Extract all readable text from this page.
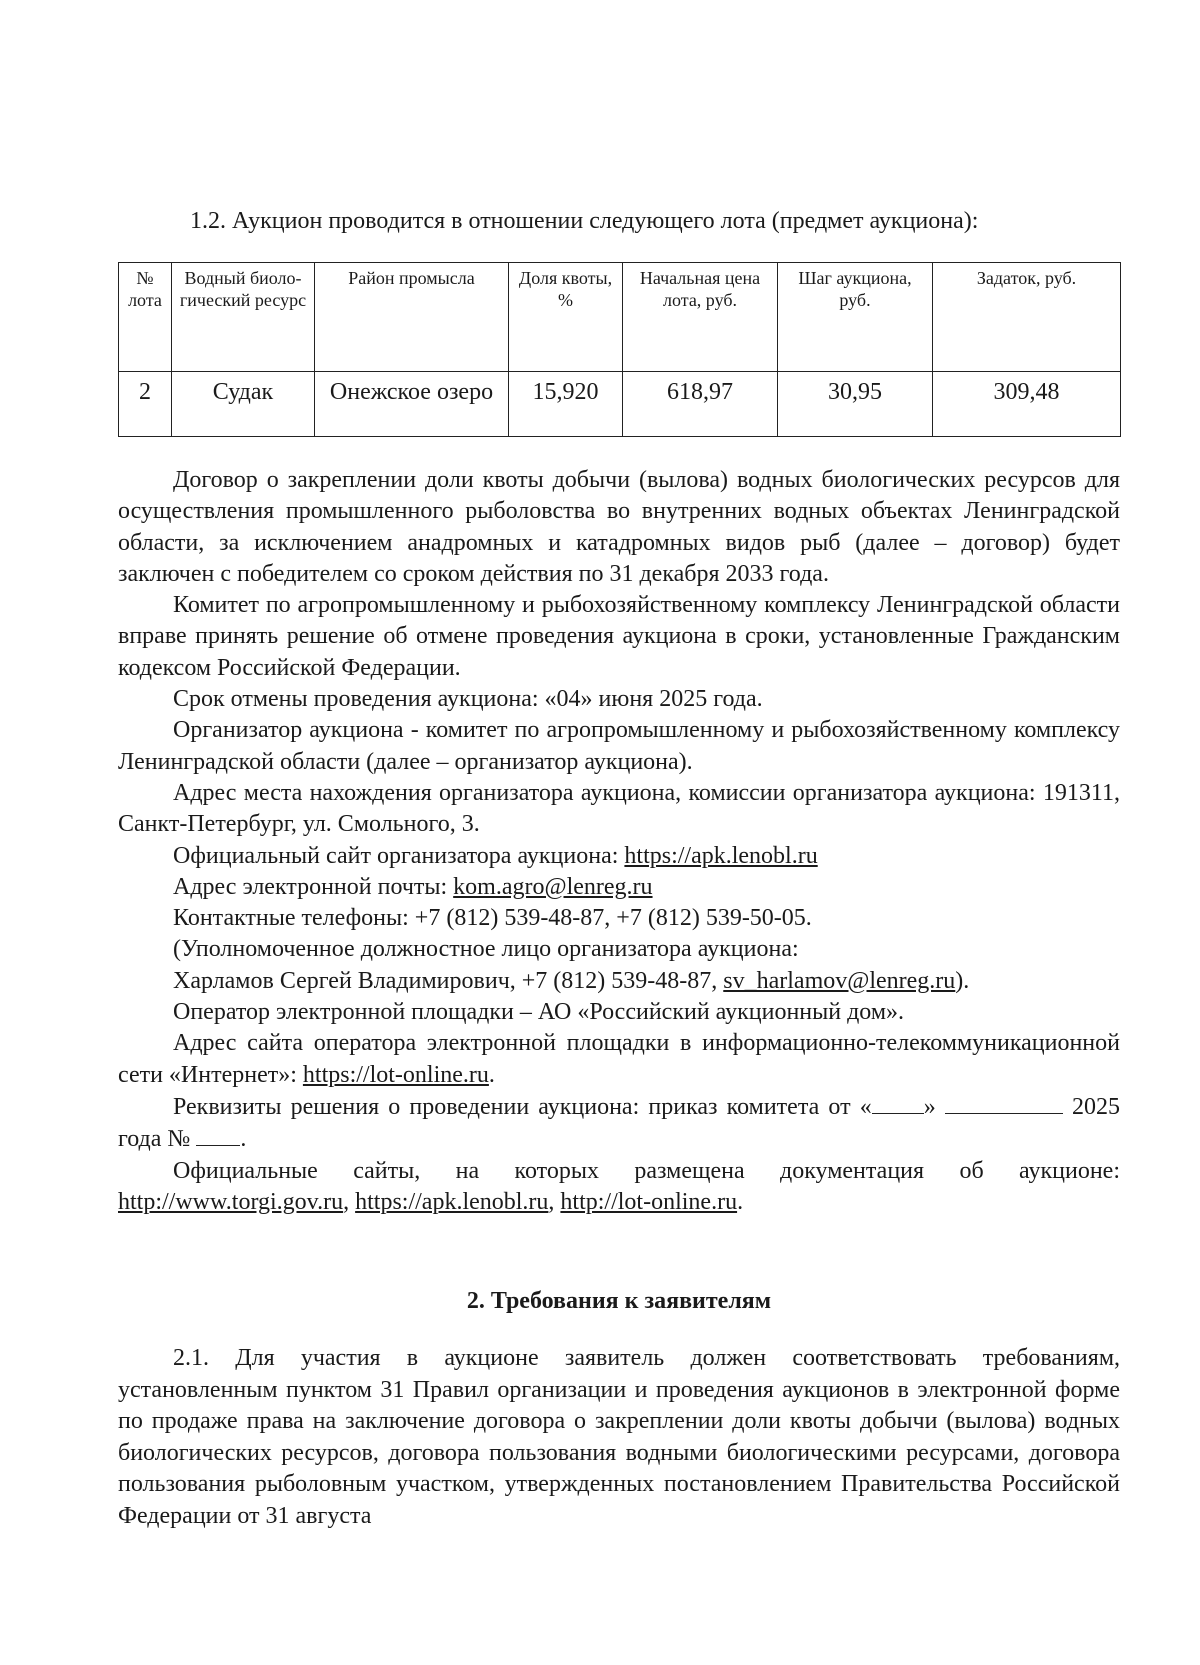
1.2. Аукцион проводится в отношении следующего лота (предмет аукциона):
№ лота	Водный биоло-гический ресурс	Район промысла	Доля квоты, %	Начальная цена лота, руб.	Шаг аукциона, руб.	Задаток, руб.
2	Судак	Онежское озеро	15,920	618,97	30,95	309,48

Договор о закреплении доли квоты добычи (вылова) водных биологических ресурсов для осуществления промышленного рыболовства во внутренних водных объектах Ленинградской области, за исключением анадромных и катадромных видов рыб (далее – договор) будет заключен с победителем со сроком действия по 31 декабря 2033 года.

Комитет по агропромышленному и рыбохозяйственному комплексу Ленинградской области вправе принять решение об отмене проведения аукциона в сроки, установленные Гражданским кодексом Российской Федерации.

Срок отмены проведения аукциона: «04» июня 2025 года.

Организатор аукциона - комитет по агропромышленному и рыбохозяйственному комплексу Ленинградской области (далее – организатор аукциона).

Адрес места нахождения организатора аукциона, комиссии организатора аукциона: 191311, Санкт-Петербург, ул. Смольного, 3.

Официальный сайт организатора аукциона: https://apk.lenobl.ru

Адрес электронной почты: kom.agro@lenreg.ru

Контактные телефоны: +7 (812) 539-48-87, +7 (812) 539-50-05.

(Уполномоченное должностное лицо организатора аукциона:

Харламов Сергей Владимирович, +7 (812) 539-48-87, sv_harlamov@lenreg.ru).

Оператор электронной площадки – АО «Российский аукционный дом».

Адрес сайта оператора электронной площадки в информационно-телекоммуникационной сети «Интернет»: https://lot-online.ru.

Реквизиты решения о проведении аукциона: приказ комитета от « »	2025 года № .

Официальные сайты, на которых размещена документация об аукционе: http://www.torgi.gov.ru, https://apk.lenobl.ru, http://lot-online.ru.

2. Требования к заявителям

2.1. Для участия в аукционе заявитель должен соответствовать требованиям, установленным пунктом 31 Правил организации и проведения аукционов в электронной форме по продаже права на заключение договора о закреплении доли квоты добычи (вылова) водных биологических ресурсов, договора пользования водными биологическими ресурсами, договора пользования рыболовным участком, утвержденных постановлением Правительства Российской Федерации от 31 августа
